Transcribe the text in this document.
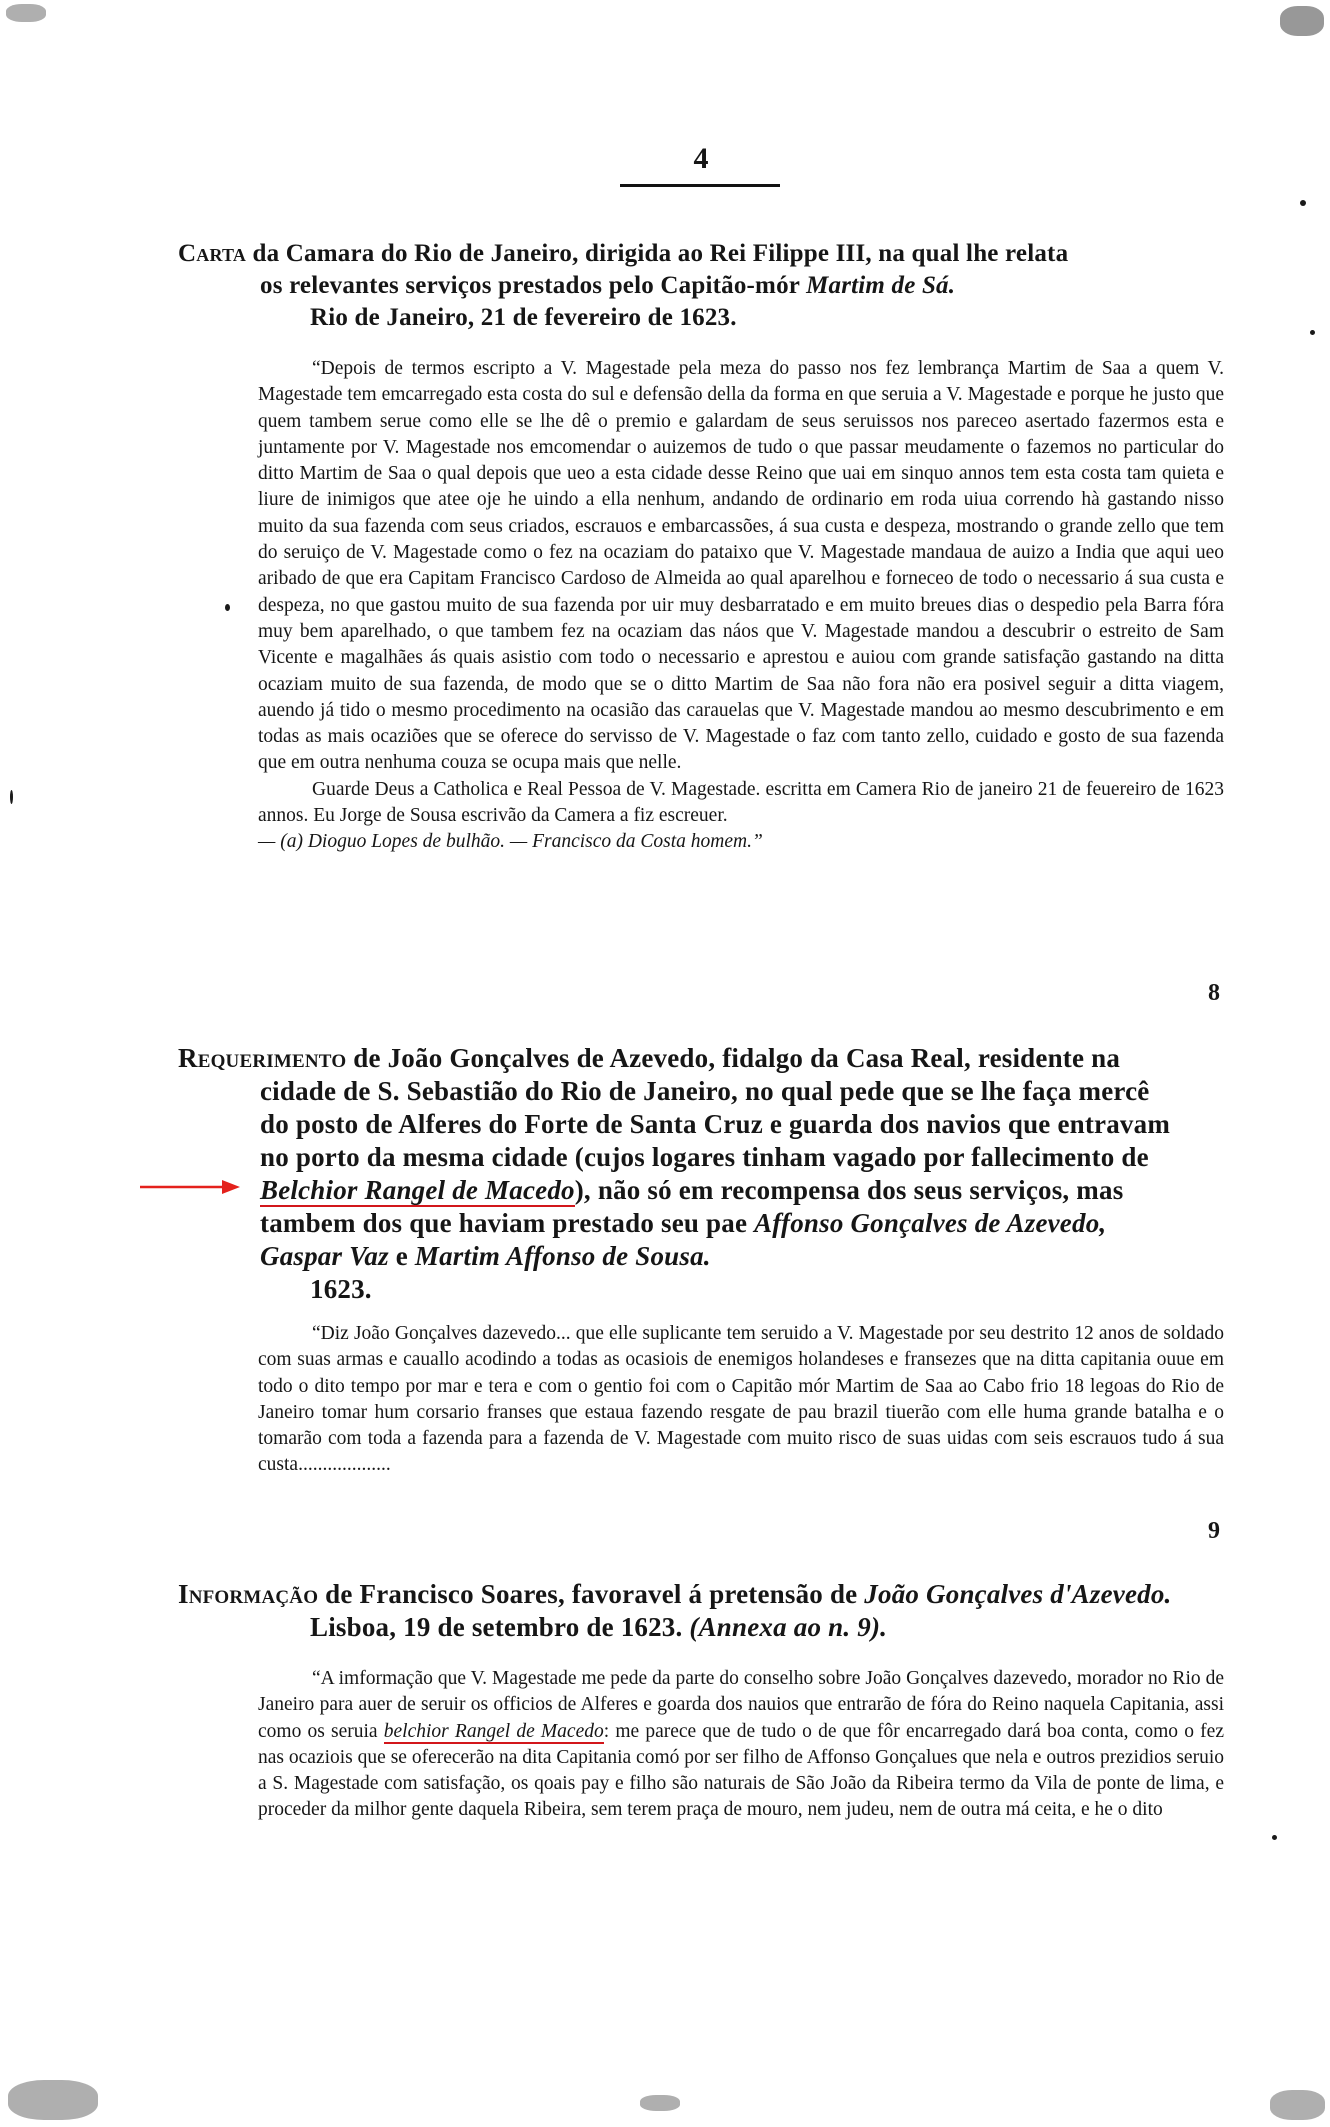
4
Carta da Camara do Rio de Janeiro, dirigida ao Rei Filippe III, na qual lhe relata
os relevantes serviços prestados pelo Capitão-mór Martim de Sá.
Rio de Janeiro, 21 de fevereiro de 1623.

“Depois de termos escripto a V. Magestade pela meza do passo nos fez lembrança Martim de Saa a quem V. Magestade tem emcarregado esta costa do sul e defensão della da forma en que seruia a V. Magestade e porque he justo que quem tambem serue como elle se lhe dê o premio e galardam de seus seruissos nos pareceo asertado fazermos esta e juntamente por V. Magestade nos emcomendar o auizemos de tudo o que passar meudamente o fazemos no particular do ditto Martim de Saa o qual depois que ueo a esta cidade desse Reino que uai em sinquo annos tem esta costa tam quieta e liure de inimigos que atee oje he uindo a ella nenhum, andando de ordinario em roda uiua correndo hà gastando nisso muito da sua fazenda com seus criados, escrauos e embarcassões, á sua custa e despeza, mostrando o grande zello que tem do seruiço de V. Magestade como o fez na ocaziam do pataixo que V. Magestade mandaua de auizo a India que aqui ueo aribado de que era Capitam Francisco Cardoso de Almeida ao qual aparelhou e forneceo de todo o necessario á sua custa e despeza, no que gastou muito de sua fazenda por uir muy desbarratado e em muito breues dias o despedio pela Barra fóra muy bem aparelhado, o que tambem fez na ocaziam das náos que V. Magestade mandou a descubrir o estreito de Sam Vicente e magalhães ás quais asistio com todo o necessario e aprestou e auiou com grande satisfação gastando na ditta ocaziam muito de sua fazenda, de modo que se o ditto Martim de Saa não fora não era posivel seguir a ditta viagem, auendo já tido o mesmo procedimento na ocasião das carauelas que V. Magestade mandou ao mesmo descubrimento e em todas as mais ocaziões que se oferece do servisso de V. Magestade o faz com tanto zello, cuidado e gosto de sua fazenda que em outra nenhuma couza se ocupa mais que nelle.

Guarde Deus a Catholica e Real Pessoa de V. Magestade. escritta em Camera Rio de janeiro 21 de feuereiro de 1623 annos. Eu Jorge de Sousa escrivão da Camera a fiz escreuer.

— (a) Dioguo Lopes de bulhão. — Francisco da Costa homem.”

8
Requerimento de João Gonçalves de Azevedo, fidalgo da Casa Real, residente na
cidade de S. Sebastião do Rio de Janeiro, no qual pede que se lhe faça mercê
do posto de Alferes do Forte de Santa Cruz e guarda dos navios que entravam
no porto da mesma cidade (cujos logares tinham vagado por fallecimento de
Belchior Rangel de Macedo), não só em recompensa dos seus serviços, mas
tambem dos que haviam prestado seu pae Affonso Gonçalves de Azevedo,
Gaspar Vaz e Martim Affonso de Sousa.
1623.

“Diz João Gonçalves dazevedo... que elle suplicante tem seruido a V. Magestade por seu destrito 12 anos de soldado com suas armas e cauallo acodindo a todas as ocasiois de enemigos holandeses e fransezes que na ditta capitania ouue em todo o dito tempo por mar e tera e com o gentio foi com o Capitão mór Martim de Saa ao Cabo frio 18 legoas do Rio de Janeiro tomar hum corsario franses que estaua fazendo resgate de pau brazil tiuerão com elle huma grande batalha e o tomarão com toda a fazenda para a fazenda de V. Magestade com muito risco de suas uidas com seis escrauos tudo á sua custa...................

9
Informação de Francisco Soares, favoravel á pretensão de João Gonçalves d'Azevedo.
Lisboa, 19 de setembro de 1623. (Annexa ao n. 9).

“A imformação que V. Magestade me pede da parte do conselho sobre João Gonçalves dazevedo, morador no Rio de Janeiro para auer de seruir os officios de Alferes e goarda dos nauios que entrarão de fóra do Reino naquela Capitania, assi como os seruia belchior Rangel de Macedo: me parece que de tudo o de que fôr encarregado dará boa conta, como o fez nas ocaziois que se oferecerão na dita Capitania comó por ser filho de Affonso Gonçalues que nela e outros prezidios seruio a S. Magestade com satisfação, os qoais pay e filho são naturais de São João da Ribeira termo da Vila de ponte de lima, e proceder da milhor gente daquela Ribeira, sem terem praça de mouro, nem judeu, nem de outra má ceita, e he o dito
